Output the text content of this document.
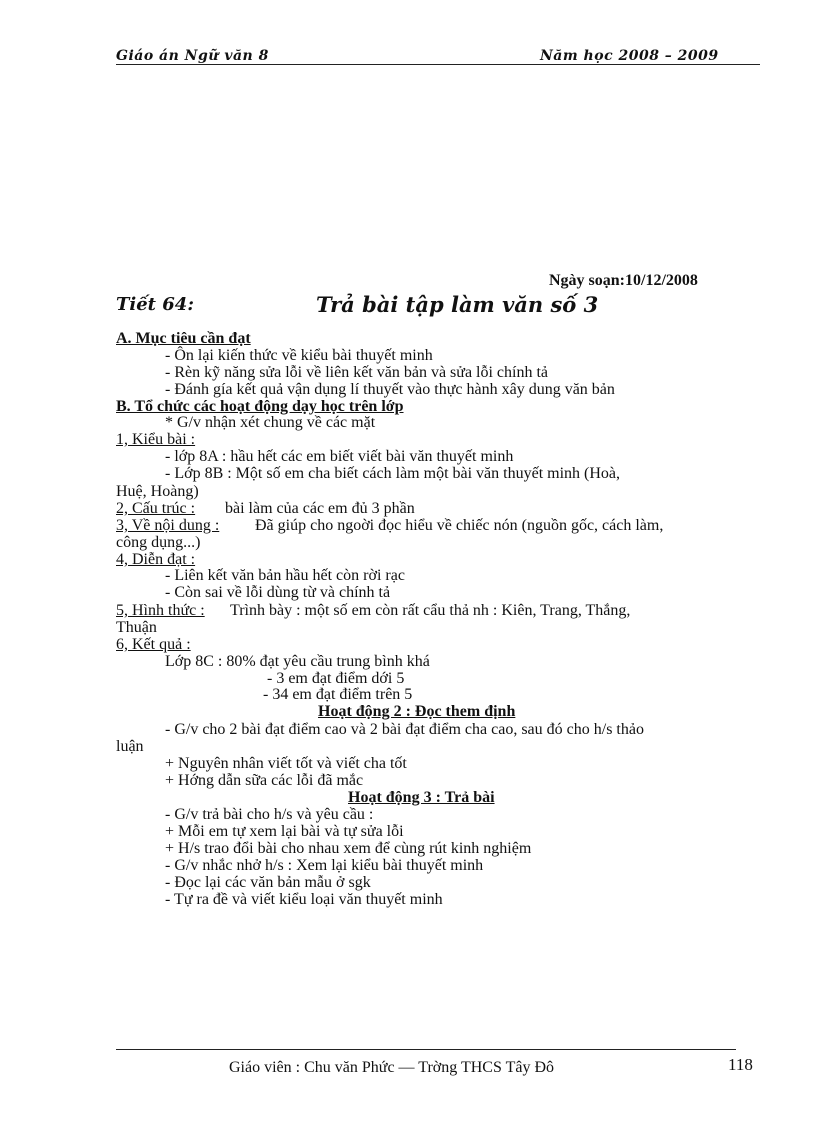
Giáo án Ngữ văn 8	Năm học 2008 – 2009
Ngày soạn:10/12/2008
Tiết 64:	Trả bài tập làm văn số 3
A. Mục tiêu cần đạt
- Ôn lại kiến thức về kiểu bài thuyết minh
- Rèn kỹ năng sửa lỗi về liên kết văn bản và sửa lỗi chính tả
- Đánh gía kết quả vận dụng lí thuyết vào thực hành xây dung văn bản
B. Tổ chức các hoạt động dạy học trên lớp
* G/v nhận xét chung về các mặt
1, Kiểu bài :
- lớp 8A : hầu hết các em biết viết bài văn thuyết minh
- Lớp 8B : Một số em cha biết cách làm một bài văn thuyết minh (Hoà,
Huệ, Hoàng)
2, Cấu trúc : bài làm của các em đủ 3 phần
3, Về nội dung : Đã giúp cho ngoời đọc hiểu về chiếc nón (nguồn gốc, cách làm,
công dụng...)
4, Diễn đạt :
- Liên kết văn bản hầu hết còn rời rạc
- Còn sai về lỗi dùng từ và chính tả
5, Hình thức : Trình bày : một số em còn rất cẩu thả nh : Kiên, Trang, Thắng,
Thuận
6, Kết quả :
Lớp 8C : 80% đạt yêu cầu trung bình khá
- 3 em đạt điểm dới 5
- 34 em đạt điểm trên 5
Hoạt động 2 : Đọc them định
- G/v cho 2 bài đạt điểm cao và 2 bài đạt điểm cha cao, sau đó cho h/s thảo
luận
+ Nguyên nhân viết tốt và viết cha tốt
+ Hớng dẫn sữa các lỗi đã mắc
Hoạt động 3 : Trả bài
- G/v trả bài cho h/s và yêu cầu :
+ Mỗi em tự xem lại bài và tự sửa lỗi
+ H/s trao đổi bài cho nhau xem để cùng rút kinh nghiệm
- G/v nhắc nhở h/s : Xem lại kiểu bài thuyết minh
- Đọc lại các văn bản mẫu ở sgk
- Tự ra đề và viết kiểu loại văn thuyết minh
Giáo viên : Chu văn Phức — Trờng THCS Tây Đô	118
